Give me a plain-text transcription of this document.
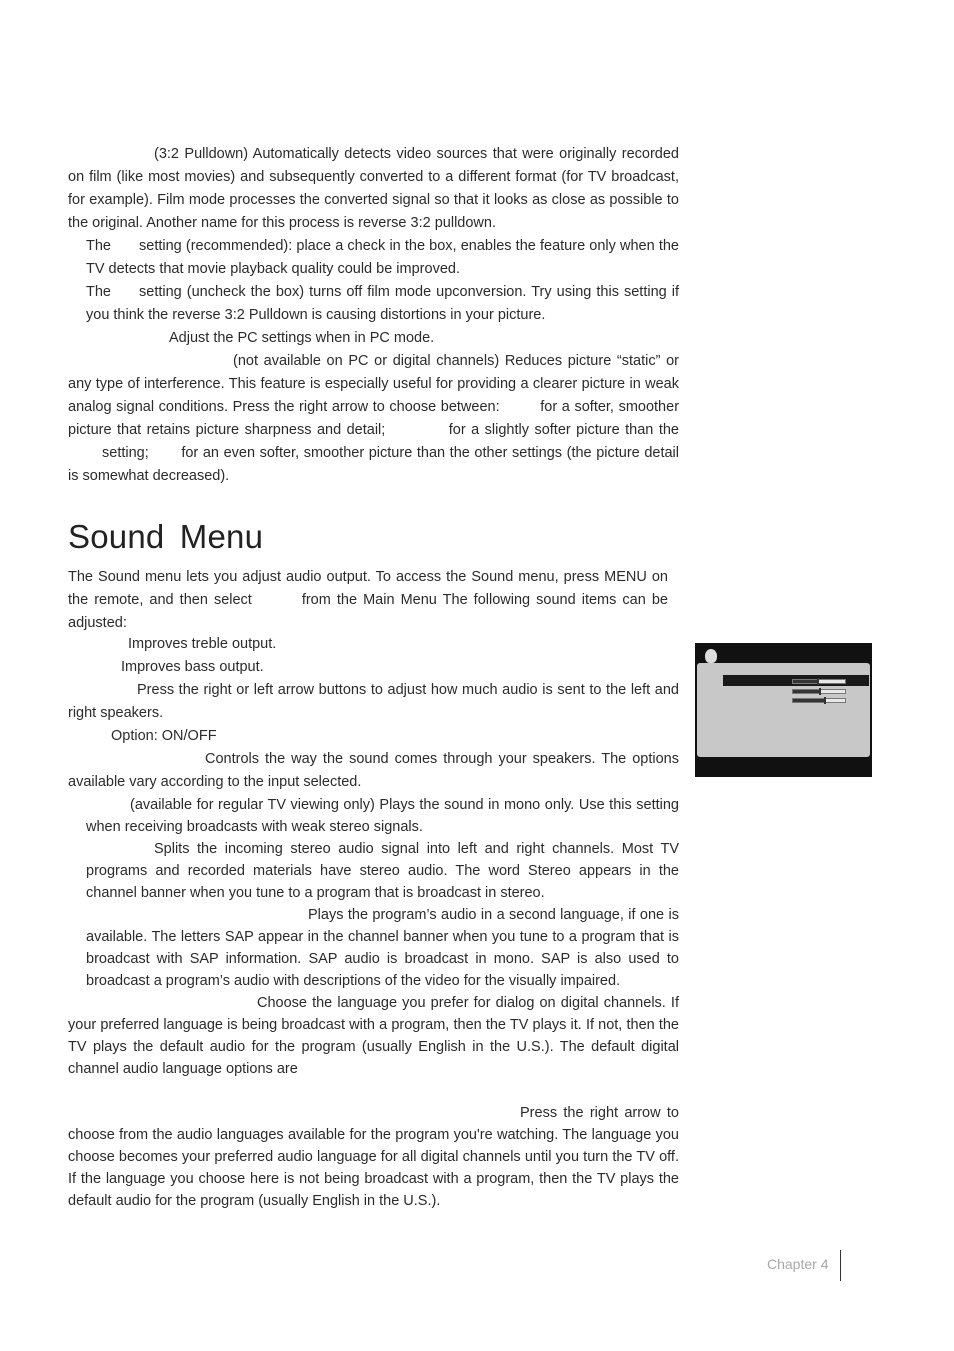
(3:2 Pulldown) Automatically detects video sources that were originally recorded on film (like most movies) and subsequently converted to a different format (for TV broadcast, for example). Film mode processes the converted signal so that it looks as close as possible to the original. Another name for this process is reverse 3:2 pulldown.

The setting (recommended): place a check in the box, enables the feature only when the TV detects that movie playback quality could be improved.

The setting (uncheck the box) turns off film mode upconversion. Try using this setting if you think the reverse 3:2 Pulldown is causing distortions in your picture.

Adjust the PC settings when in PC mode.

(not available on PC or digital channels) Reduces picture “static” or any type of interference. This feature is especially useful for providing a clearer picture in weak analog signal conditions. Press the right arrow to choose between:	for a softer, smoother picture that retains picture sharpness and detail;	for a slightly softer picture than the setting; for an even softer, smoother picture than the other settings (the picture detail is somewhat decreased).

Sound Menu

The Sound menu lets you adjust audio output. To access the Sound menu, press MENU on the remote, and then select	from the Main Menu The following sound items can be adjusted:

Improves treble output.

Improves bass output.

Press the right or left arrow buttons to adjust how much audio is sent to the left and right speakers.

Option: ON/OFF

Controls the way the sound comes through your speakers. The options available vary according to the input selected.

(available for regular TV viewing only) Plays the sound in mono only. Use this setting when receiving broadcasts with weak stereo signals.

Splits the incoming stereo audio signal into left and right channels. Most TV programs and recorded materials have stereo audio. The word Stereo appears in the channel banner when you tune to a program that is broadcast in stereo.

Plays the program’s audio in a second language, if one is available. The letters SAP appear in the channel banner when you tune to a program that is broadcast with SAP information. SAP audio is broadcast in mono. SAP is also used to broadcast a program’s audio with descriptions of the video for the visually impaired.

Choose the language you prefer for dialog on digital channels. If your preferred language is being broadcast with a program, then the TV plays it. If not, then the TV plays the default audio for the program (usually English in the U.S.). The default digital channel audio language options are

Press the right arrow to choose from the audio languages available for the program you're watching. The language you choose becomes your preferred audio language for all digital channels until you turn the TV off. If the language you choose here is not being broadcast with a program, then the TV plays the default audio for the program (usually English in the U.S.).

Chapter 4
